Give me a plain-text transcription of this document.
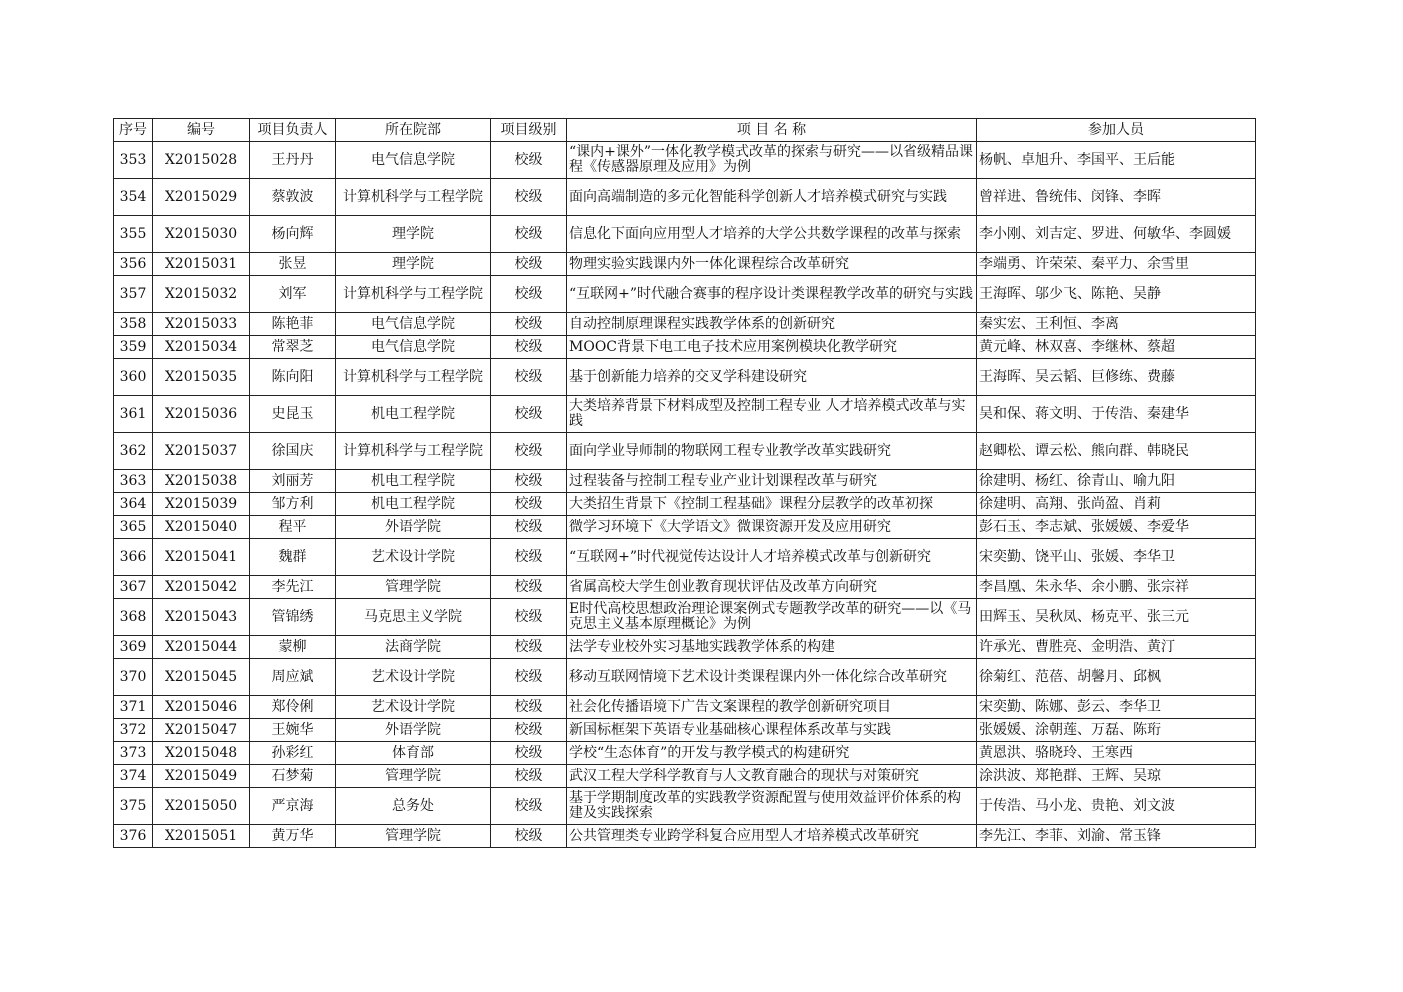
序号	编号	项目负责人	所在院部	项目级别	项 目 名 称	参加人员
353	X2015028	王丹丹	电气信息学院	校级	“课内+课外”一体化教学模式改革的探索与研究——以省级精品课程《传感器原理及应用》为例	杨帆、卓旭升、李国平、王后能
354	X2015029	蔡敦波	计算机科学与工程学院	校级	面向高端制造的多元化智能科学创新人才培养模式研究与实践	曾祥进、鲁统伟、闵锋、李晖
355	X2015030	杨向辉	理学院	校级	信息化下面向应用型人才培养的大学公共数学课程的改革与探索	李小刚、刘吉定、罗进、何敏华、李圆媛
356	X2015031	张昱	理学院	校级	物理实验实践课内外一体化课程综合改革研究	李端勇、许荣荣、秦平力、余雪里
357	X2015032	刘军	计算机科学与工程学院	校级	“互联网+”时代融合赛事的程序设计类课程教学改革的研究与实践	王海晖、邬少飞、陈艳、吴静
358	X2015033	陈艳菲	电气信息学院	校级	自动控制原理课程实践教学体系的创新研究	秦实宏、王利恒、李离
359	X2015034	常翠芝	电气信息学院	校级	MOOC背景下电工电子技术应用案例模块化教学研究	黄元峰、林双喜、李继林、蔡超
360	X2015035	陈向阳	计算机科学与工程学院	校级	基于创新能力培养的交叉学科建设研究	王海晖、吴云韬、巨修练、费藤
361	X2015036	史昆玉	机电工程学院	校级	大类培养背景下材料成型及控制工程专业 人才培养模式改革与实践	吴和保、蒋文明、于传浩、秦建华
362	X2015037	徐国庆	计算机科学与工程学院	校级	面向学业导师制的物联网工程专业教学改革实践研究	赵卿松、谭云松、熊向群、韩晓民
363	X2015038	刘丽芳	机电工程学院	校级	过程装备与控制工程专业产业计划课程改革与研究	徐建明、杨红、徐青山、喻九阳
364	X2015039	邹方利	机电工程学院	校级	大类招生背景下《控制工程基础》课程分层教学的改革初探	徐建明、高翔、张尚盈、肖莉
365	X2015040	程平	外语学院	校级	微学习环境下《大学语文》微课资源开发及应用研究	彭石玉、李志斌、张媛媛、李爱华
366	X2015041	魏群	艺术设计学院	校级	“互联网+”时代视觉传达设计人才培养模式改革与创新研究	宋奕勤、饶平山、张媛、李华卫
367	X2015042	李先江	管理学院	校级	省属高校大学生创业教育现状评估及改革方向研究	李昌凰、朱永华、余小鹏、张宗祥
368	X2015043	管锦绣	马克思主义学院	校级	E时代高校思想政治理论课案例式专题教学改革的研究——以《马克思主义基本原理概论》为例	田辉玉、吴秋凤、杨克平、张三元
369	X2015044	蒙柳	法商学院	校级	法学专业校外实习基地实践教学体系的构建	许承光、曹胜亮、金明浩、黄汀
370	X2015045	周应斌	艺术设计学院	校级	移动互联网情境下艺术设计类课程课内外一体化综合改革研究	徐菊红、范蓓、胡馨月、邱枫
371	X2015046	郑伶俐	艺术设计学院	校级	社会化传播语境下广告文案课程的教学创新研究项目	宋奕勤、陈娜、彭云、李华卫
372	X2015047	王婉华	外语学院	校级	新国标框架下英语专业基础核心课程体系改革与实践	张媛媛、涂朝莲、万磊、陈珩
373	X2015048	孙彩红	体育部	校级	学校“生态体育”的开发与教学模式的构建研究	黄恩洪、骆晓玲、王寒西
374	X2015049	石梦菊	管理学院	校级	武汉工程大学科学教育与人文教育融合的现状与对策研究	涂洪波、郑艳群、王辉、吴琼
375	X2015050	严京海	总务处	校级	基于学期制度改革的实践教学资源配置与使用效益评价体系的构建及实践探索	于传浩、马小龙、贵艳、刘文波
376	X2015051	黄万华	管理学院	校级	公共管理类专业跨学科复合应用型人才培养模式改革研究	李先江、李菲、刘渝、常玉锋
